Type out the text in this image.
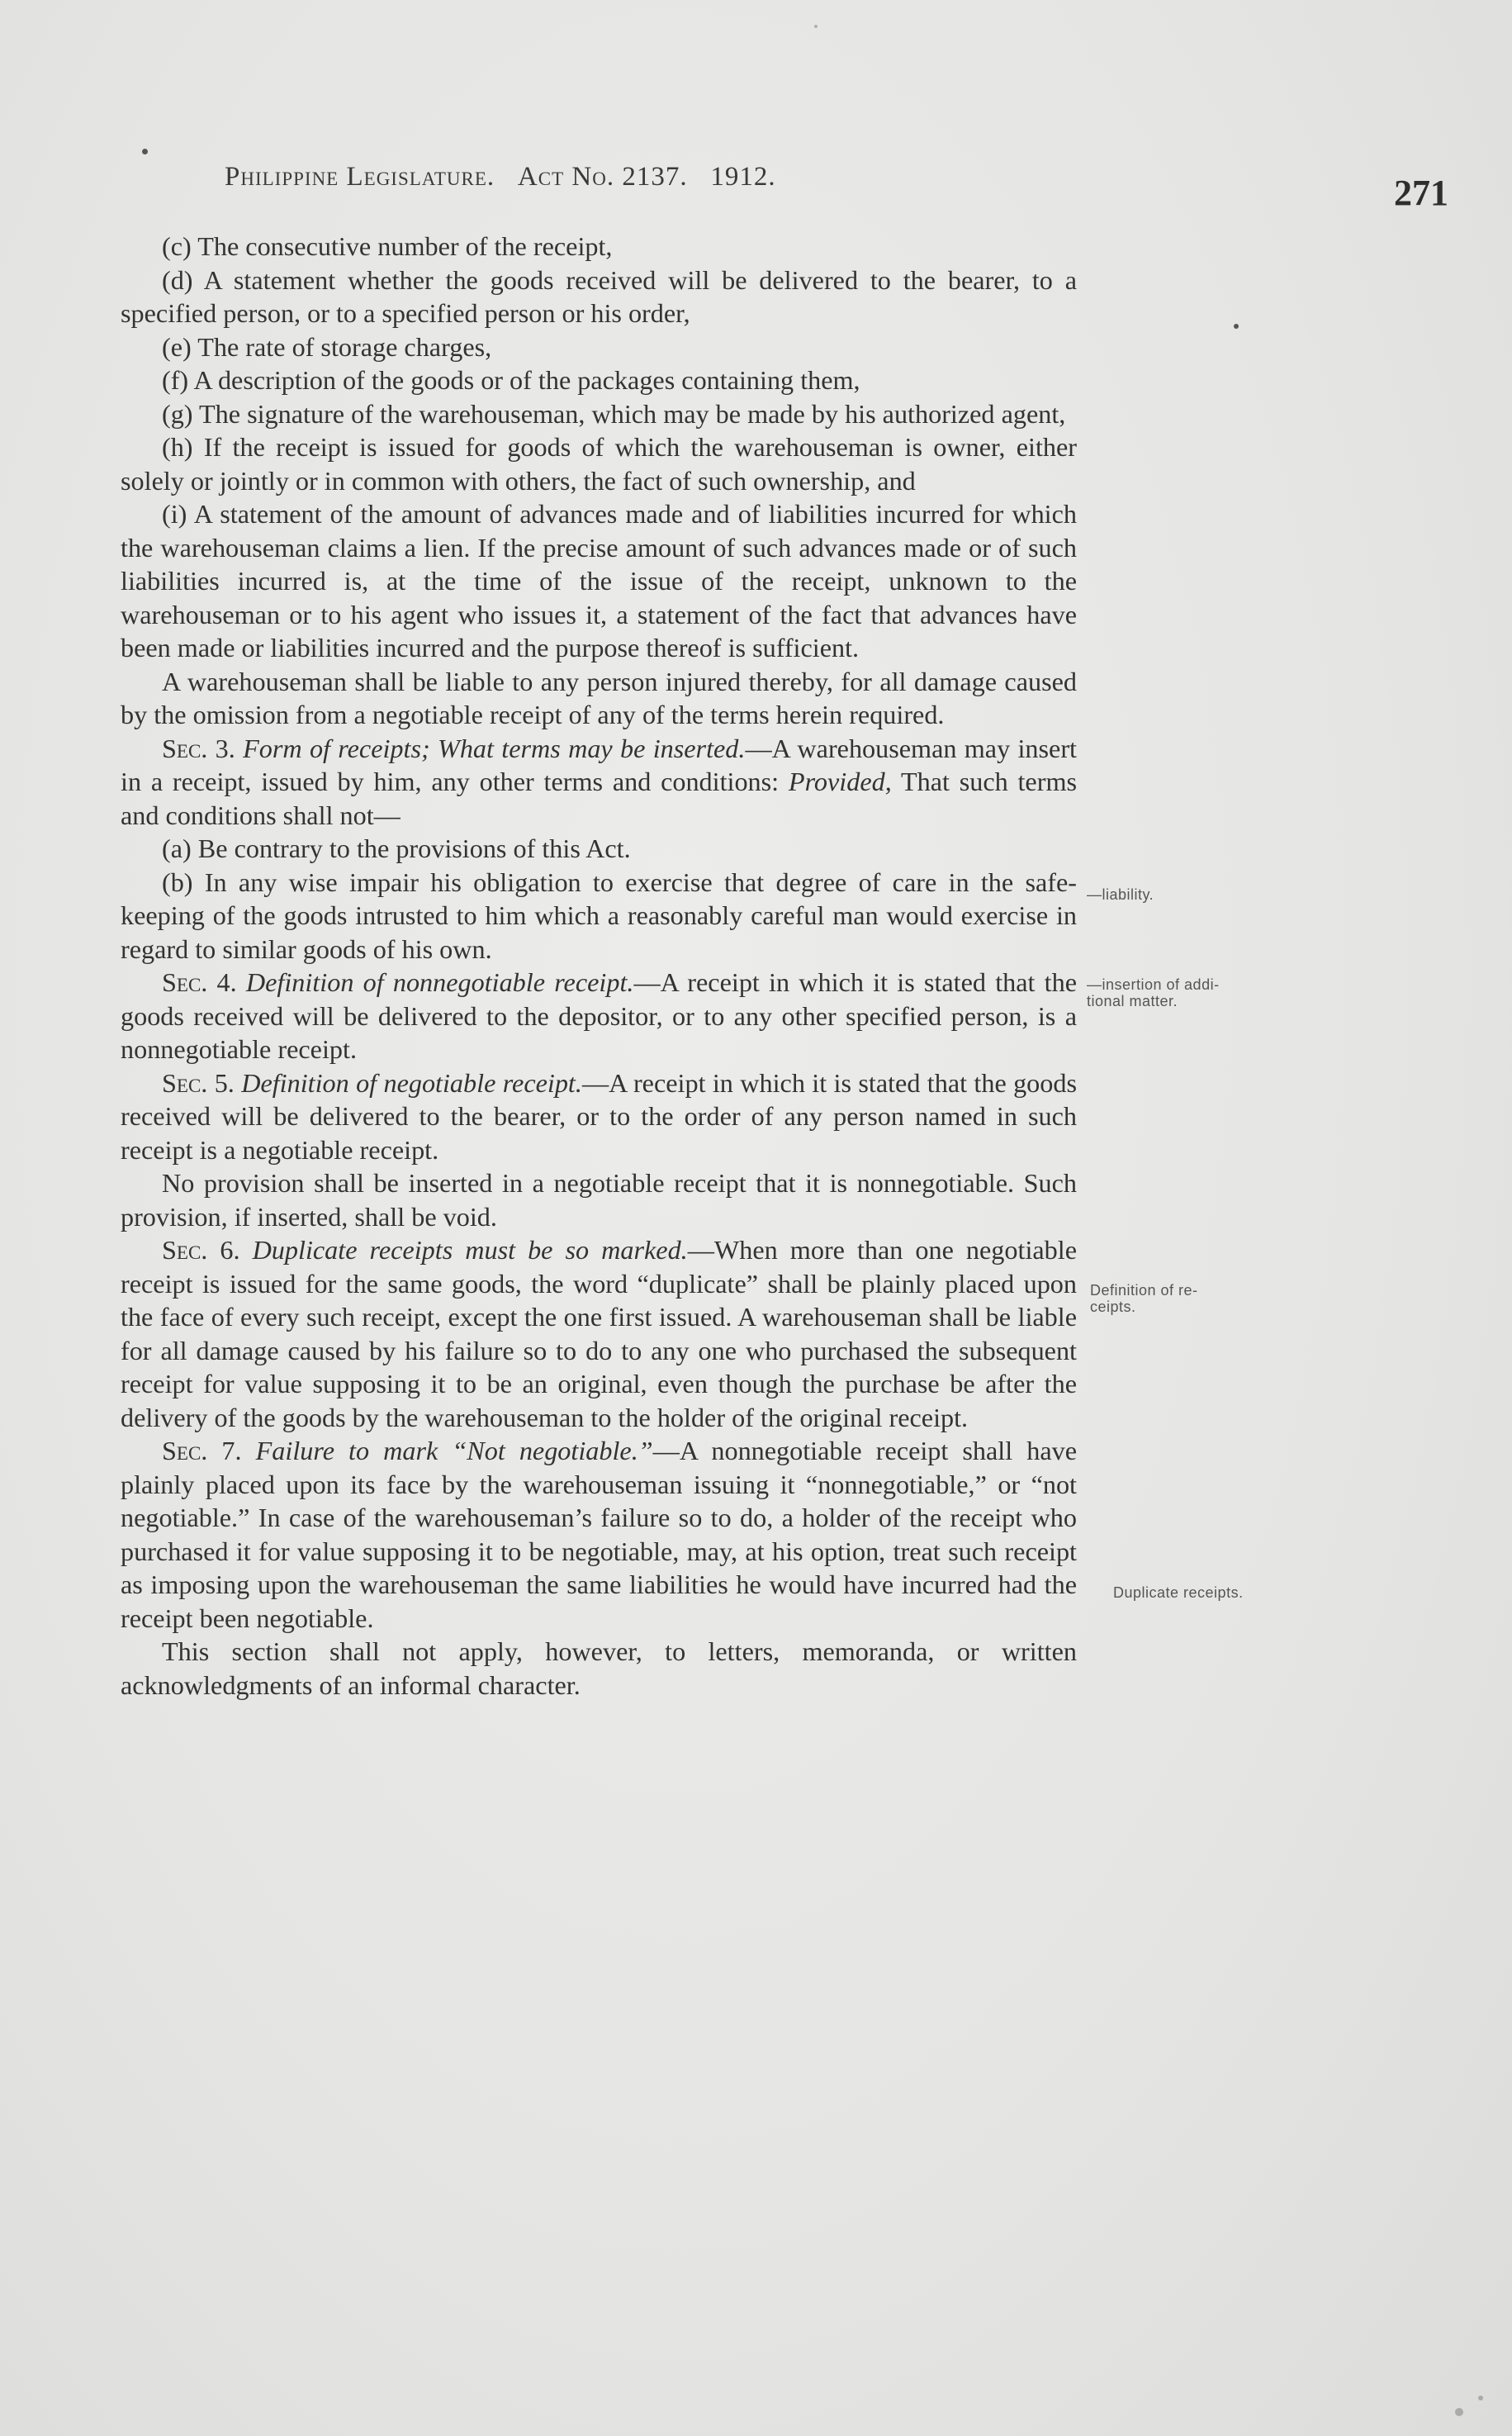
Philippine Legislature. Act No. 2137. 1912.	271

(c) The consecutive number of the receipt,

(d) A statement whether the goods received will be delivered to the bearer, to a specified person, or to a specified person or his order,

(e) The rate of storage charges,

(f) A description of the goods or of the packages containing them,

(g) The signature of the warehouseman, which may be made by his authorized agent,

(h) If the receipt is issued for goods of which the warehouseman is owner, either solely or jointly or in common with others, the fact of such ownership, and

(i) A statement of the amount of advances made and of liabilities incurred for which the warehouseman claims a lien. If the precise amount of such advances made or of such liabilities incurred is, at the time of the issue of the receipt, unknown to the warehouseman or to his agent who issues it, a statement of the fact that advances have been made or liabilities incurred and the purpose thereof is sufficient.

A warehouseman shall be liable to any person injured thereby, for all damage caused by the omission from a negotiable receipt of any of the terms herein required.

Sec. 3. Form of receipts; What terms may be inserted.—A warehouseman may insert in a receipt, issued by him, any other terms and conditions: Provided, That such terms and conditions shall not—

(a) Be contrary to the provisions of this Act.

(b) In any wise impair his obligation to exercise that degree of care in the safe-keeping of the goods intrusted to him which a reasonably careful man would exercise in regard to similar goods of his own.

Sec. 4. Definition of nonnegotiable receipt.—A receipt in which it is stated that the goods received will be delivered to the depositor, or to any other specified person, is a nonnegotiable receipt.

Sec. 5. Definition of negotiable receipt.—A receipt in which it is stated that the goods received will be delivered to the bearer, or to the order of any person named in such receipt is a negotiable receipt.

No provision shall be inserted in a negotiable receipt that it is nonnegotiable. Such provision, if inserted, shall be void.

Sec. 6. Duplicate receipts must be so marked.—When more than one negotiable receipt is issued for the same goods, the word “duplicate” shall be plainly placed upon the face of every such receipt, except the one first issued. A warehouseman shall be liable for all damage caused by his failure so to do to any one who purchased the subsequent receipt for value supposing it to be an original, even though the purchase be after the delivery of the goods by the warehouseman to the holder of the original receipt.

Sec. 7. Failure to mark “Not negotiable.”—A nonnegotiable receipt shall have plainly placed upon its face by the warehouseman issuing it “nonnegotiable,” or “not negotiable.” In case of the warehouseman’s failure so to do, a holder of the receipt who purchased it for value supposing it to be negotiable, may, at his option, treat such receipt as imposing upon the warehouseman the same liabilities he would have incurred had the receipt been negotiable.

This section shall not apply, however, to letters, memoranda, or written acknowledgments of an informal character.

—liability.
—insertion of addi-
tional matter.
Definition of re-
ceipts.
Duplicate receipts.
